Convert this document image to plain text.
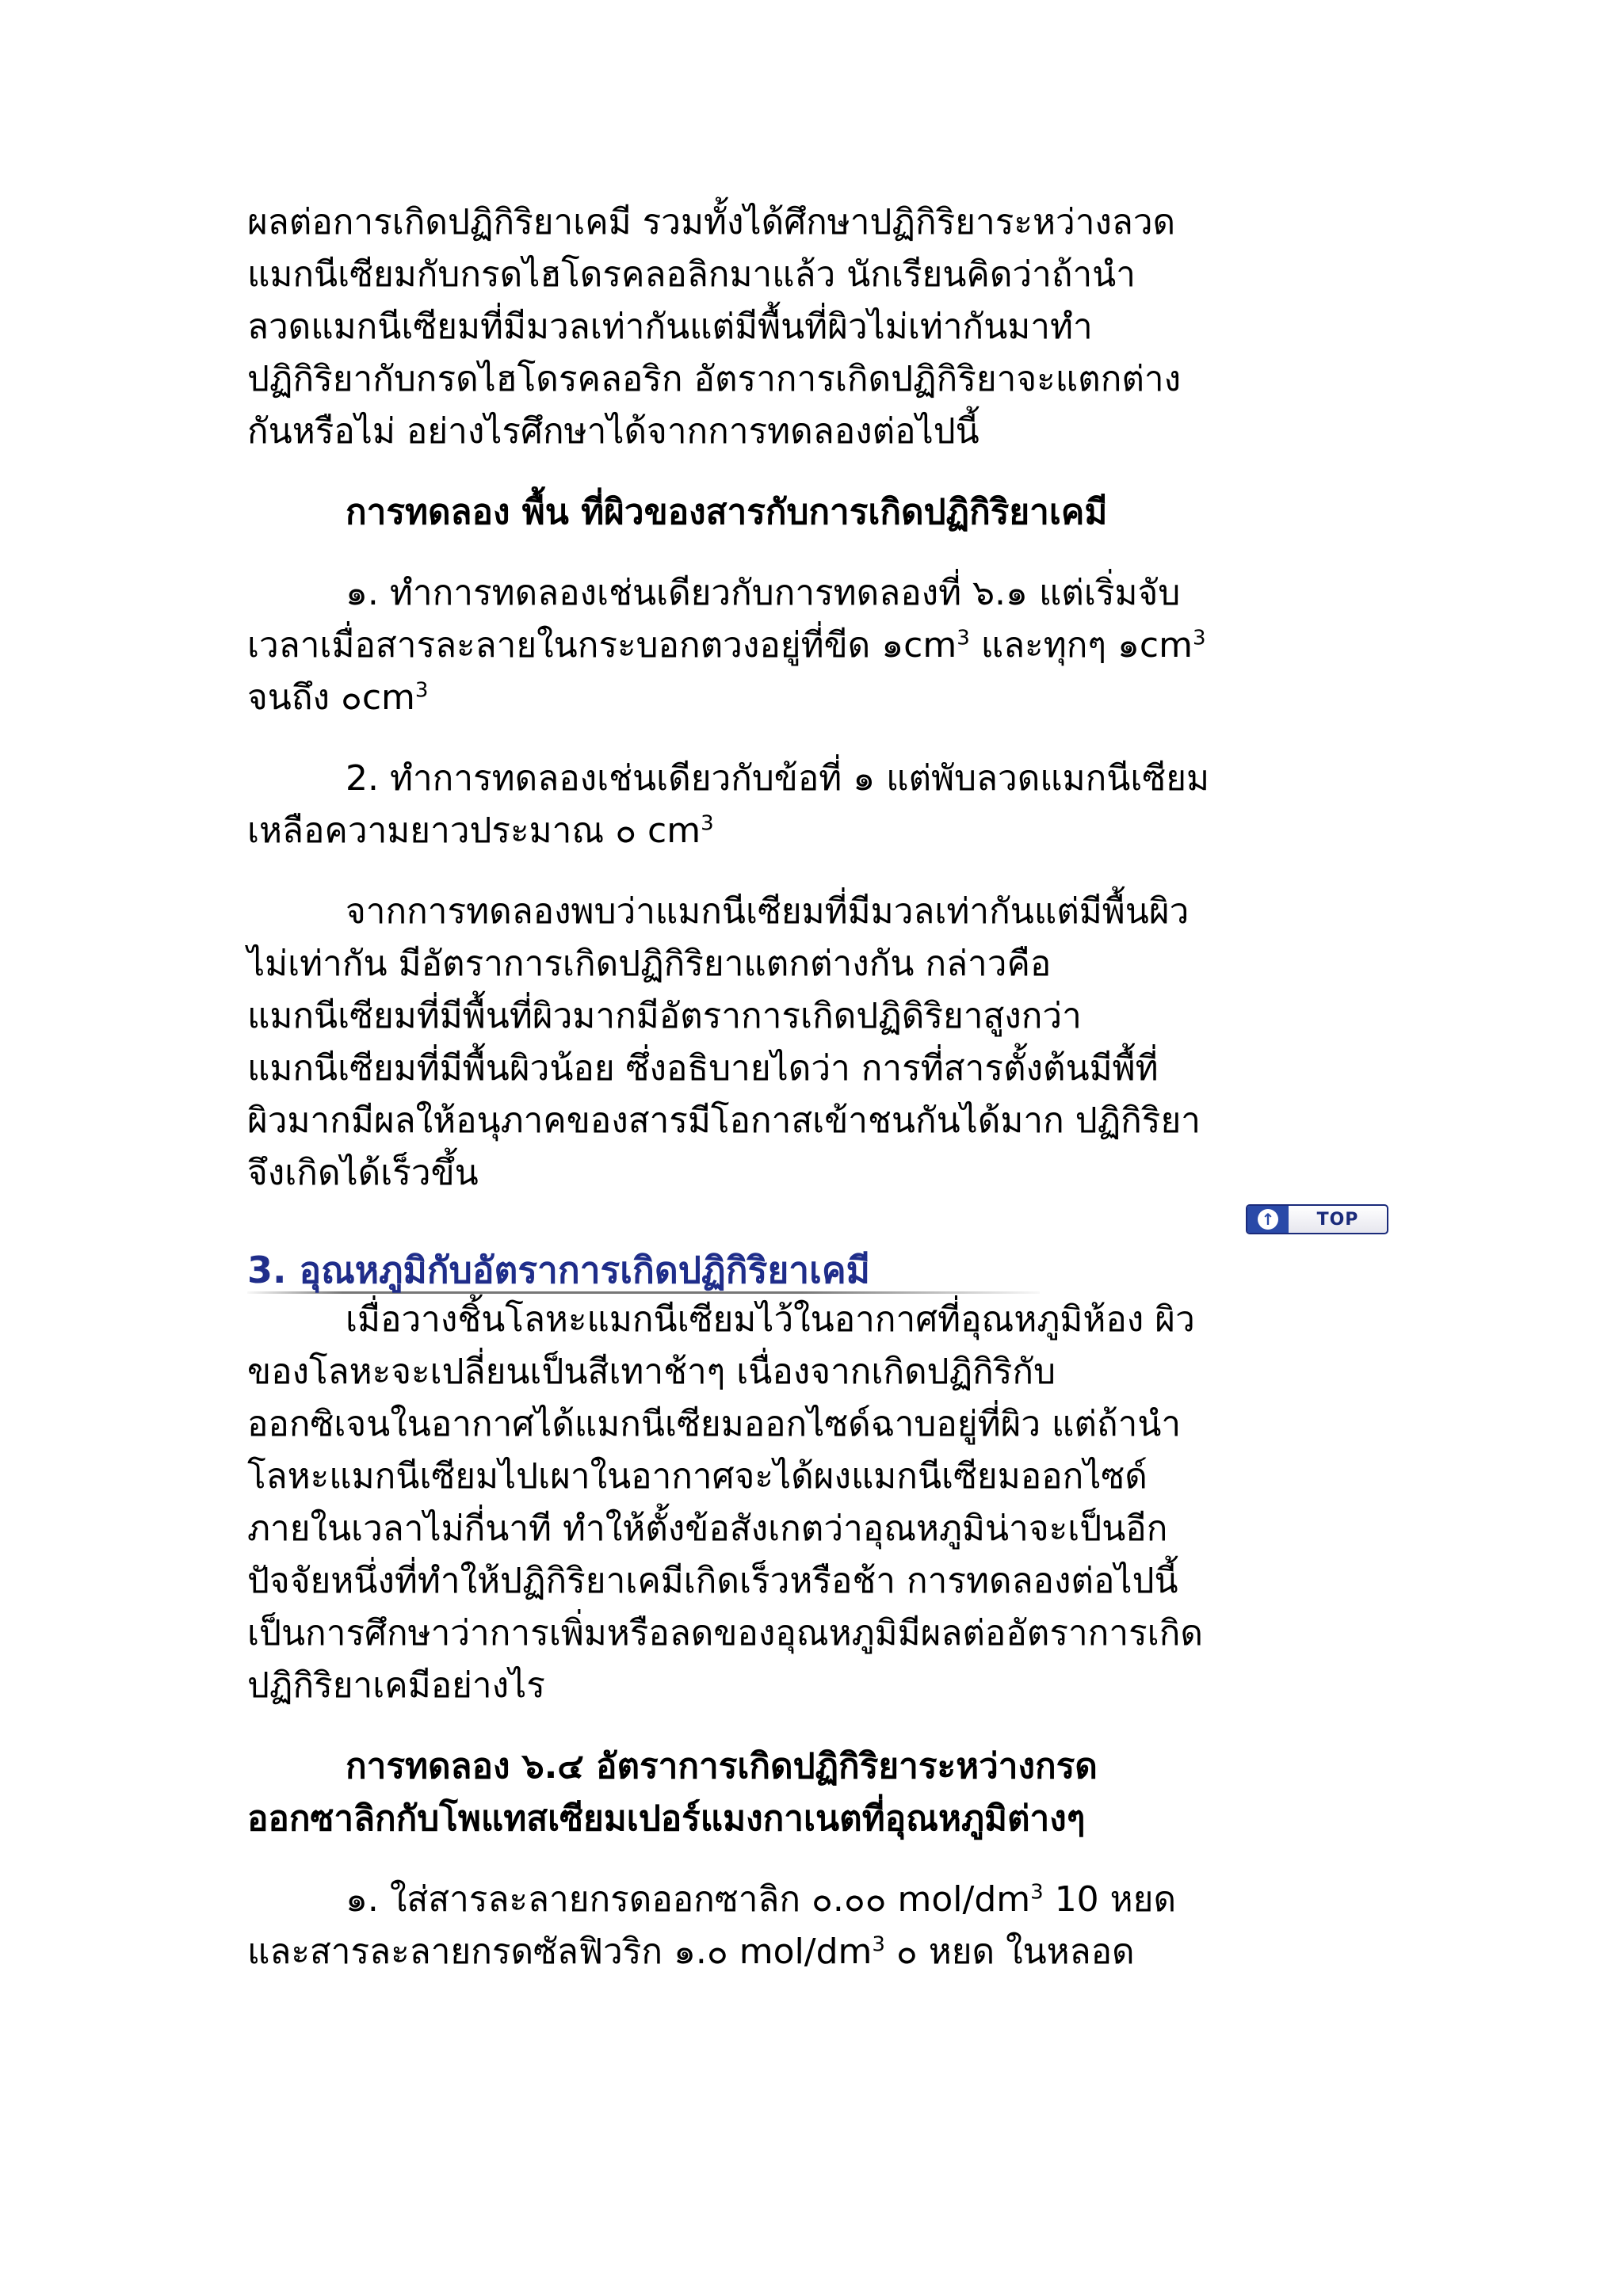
ผลต่อการเกิดปฏิกิริยาเคมี รวมทั้งได้ศึกษาปฏิกิริยาระหว่างลวด

แมกนีเซียมกับกรดไฮโดรคลอลิกมาแล้ว นักเรียนคิดว่าถ้านำ

ลวดแมกนีเซียมที่มีมวลเท่ากันแต่มีพื้นที่ผิวไม่เท่ากันมาทำ

ปฏิกิริยากับกรดไฮโดรคลอริก อัตราการเกิดปฏิกิริยาจะแตกต่าง

กันหรือไม่ อย่างไรศึกษาได้จากการทดลองต่อไปนี้

การทดลอง พื้น ที่ผิวของสารกับการเกิดปฏิกิริยาเคมี

๑. ทำการทดลองเช่นเดียวกับการทดลองที่ ๖.๑ แต่เริ่มจับ

เวลาเมื่อสารละลายในกระบอกตวงอยู่ที่ขีด ๑$cm^3$ และทุกๆ ๑$cm^3$

จนถึง ๐$cm^3$

2. ทำการทดลองเช่นเดียวกับข้อที่ ๑ แต่พับลวดแมกนีเซียม

เหลือความยาวประมาณ ๐ $cm^3$

จากการทดลองพบว่าแมกนีเซียมที่มีมวลเท่ากันแต่มีพื้นผิว

ไม่เท่ากัน มีอัตราการเกิดปฏิกิริยาแตกต่างกัน กล่าวคือ

แมกนีเซียมที่มีพื้นที่ผิวมากมีอัตราการเกิดปฏิดิริยาสูงกว่า

แมกนีเซียมที่มีพื้นผิวน้อย ซึ่งอธิบายไดว่า การที่สารตั้งต้นมีพื้ที่

ผิวมากมีผลให้อนุภาคของสารมีโอกาสเข้าชนกันได้มาก ปฏิกิริยา

จึงเกิดได้เร็วขึ้น

↑	TOP

3. อุณหภูมิกับอัตราการเกิดปฏิกิริยาเคมี

เมื่อวางชิ้นโลหะแมกนีเซียมไว้ในอากาศที่อุณหภูมิห้อง ผิว

ของโลหะจะเปลี่ยนเป็นสีเทาช้าๆ เนื่องจากเกิดปฏิกิริกับ

ออกซิเจนในอากาศได้แมกนีเซียมออกไซด์ฉาบอยู่ที่ผิว แต่ถ้านำ

โลหะแมกนีเซียมไปเผาในอากาศจะได้ผงแมกนีเซียมออกไซด์

ภายในเวลาไม่กี่นาที ทำให้ตั้งข้อสังเกตว่าอุณหภูมิน่าจะเป็นอีก

ปัจจัยหนึ่งที่ทำให้ปฏิกิริยาเคมีเกิดเร็วหรือช้า การทดลองต่อไปนี้

เป็นการศึกษาว่าการเพิ่มหรือลดของอุณหภูมิมีผลต่ออัตราการเกิด

ปฏิกิริยาเคมีอย่างไร

การทดลอง ๖.๔ อัตราการเกิดปฏิกิริยาระหว่างกรด

ออกซาลิกกับโพแทสเซียมเปอร์แมงกาเนตที่อุณหภูมิต่างๆ

๑. ใส่สารละลายกรดออกซาลิก ๐.๐๐ mol/$dm^3$ 10 หยด

และสารละลายกรดซัลฟิวริก ๑.๐ mol/$dm^3$ ๐ หยด ในหลอด
